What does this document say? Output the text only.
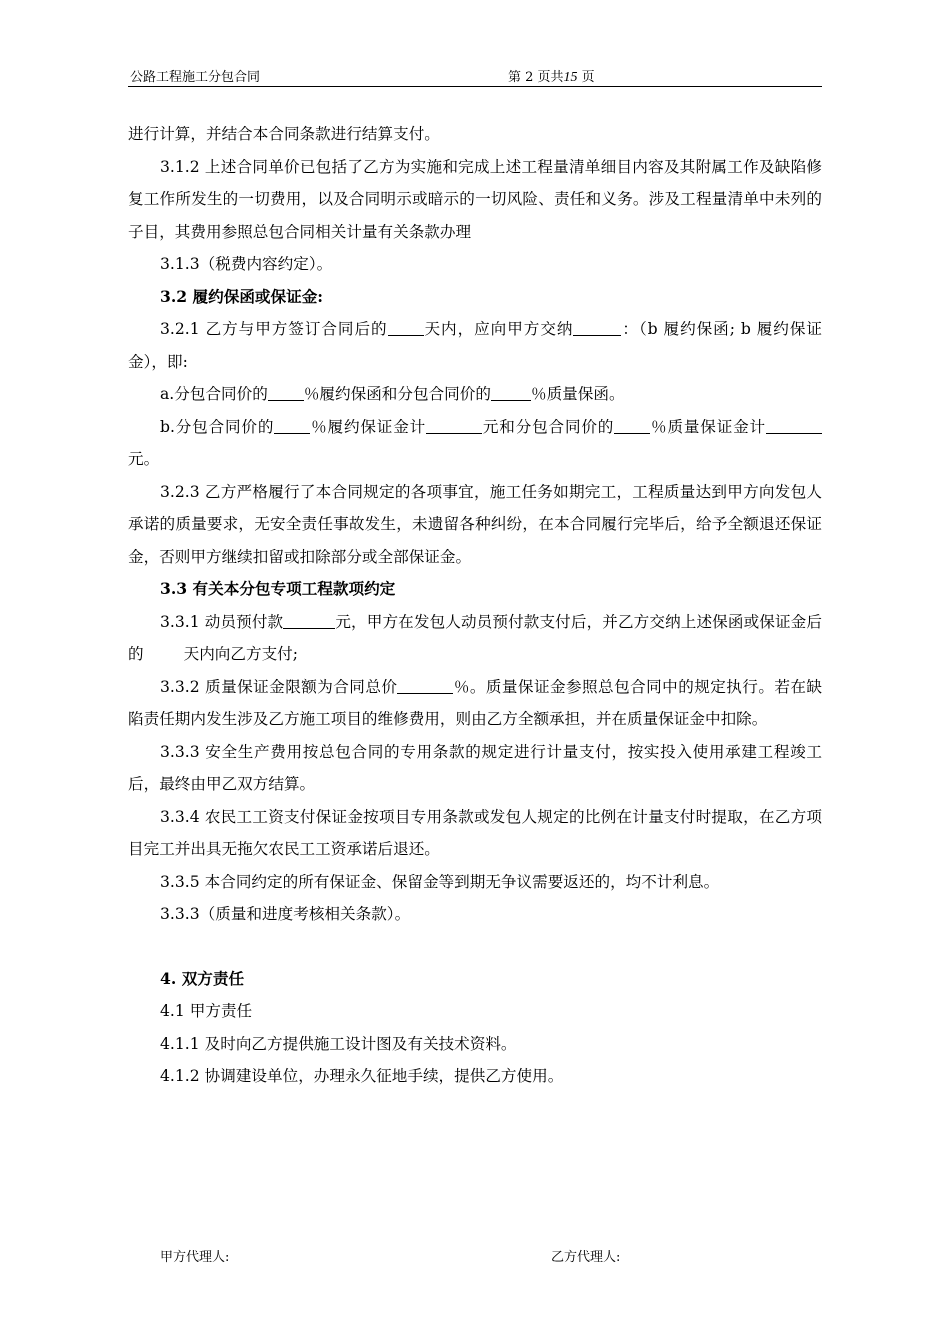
公路工程施工分包合同	第 2 页共15 页

进行计算，并结合本合同条款进行结算支付。

3.1.2 上述合同单价已包括了乙方为实施和完成上述工程量清单细目内容及其附属工作及缺陷修复工作所发生的一切费用，以及合同明示或暗示的一切风险、责任和义务。涉及工程量清单中未列的子目，其费用参照总包合同相关计量有关条款办理

3.1.3（税费内容约定）。

3.2 履约保函或保证金:

3.2.1 乙方与甲方签订合同后的 天内，应向甲方交纳	：（b 履约保函; b 履约保证金），即:

a.分包合同价的 ％履约保函和分包合同价的	％质量保函。

b.分包合同价的 ％履约保证金计	元和分包合同价的 ％质量保证金计元。

3.2.3 乙方严格履行了本合同规定的各项事宜，施工任务如期完工，工程质量达到甲方向发包人承诺的质量要求，无安全责任事故发生，未遗留各种纠纷，在本合同履行完毕后，给予全额退还保证金，否则甲方继续扣留或扣除部分或全部保证金。

3.3 有关本分包专项工程款项约定

3.3.1 动员预付款	元，甲方在发包人动员预付款支付后，并乙方交纳上述保函或保证金后的	天内向乙方支付;

3.3.2 质量保证金限额为合同总价	％。质量保证金参照总包合同中的规定执行。若在缺陷责任期内发生涉及乙方施工项目的维修费用，则由乙方全额承担，并在质量保证金中扣除。

3.3.3 安全生产费用按总包合同的专用条款的规定进行计量支付，按实投入使用承建工程竣工后，最终由甲乙双方结算。

3.3.4 农民工工资支付保证金按项目专用条款或发包人规定的比例在计量支付时提取，在乙方项目完工并出具无拖欠农民工工资承诺后退还。

3.3.5 本合同约定的所有保证金、保留金等到期无争议需要返还的，均不计利息。

3.3.3（质量和进度考核相关条款）。

4. 双方责任

4.1 甲方责任

4.1.1 及时向乙方提供施工设计图及有关技术资料。

4.1.2 协调建设单位，办理永久征地手续，提供乙方使用。

甲方代理人:	乙方代理人:
